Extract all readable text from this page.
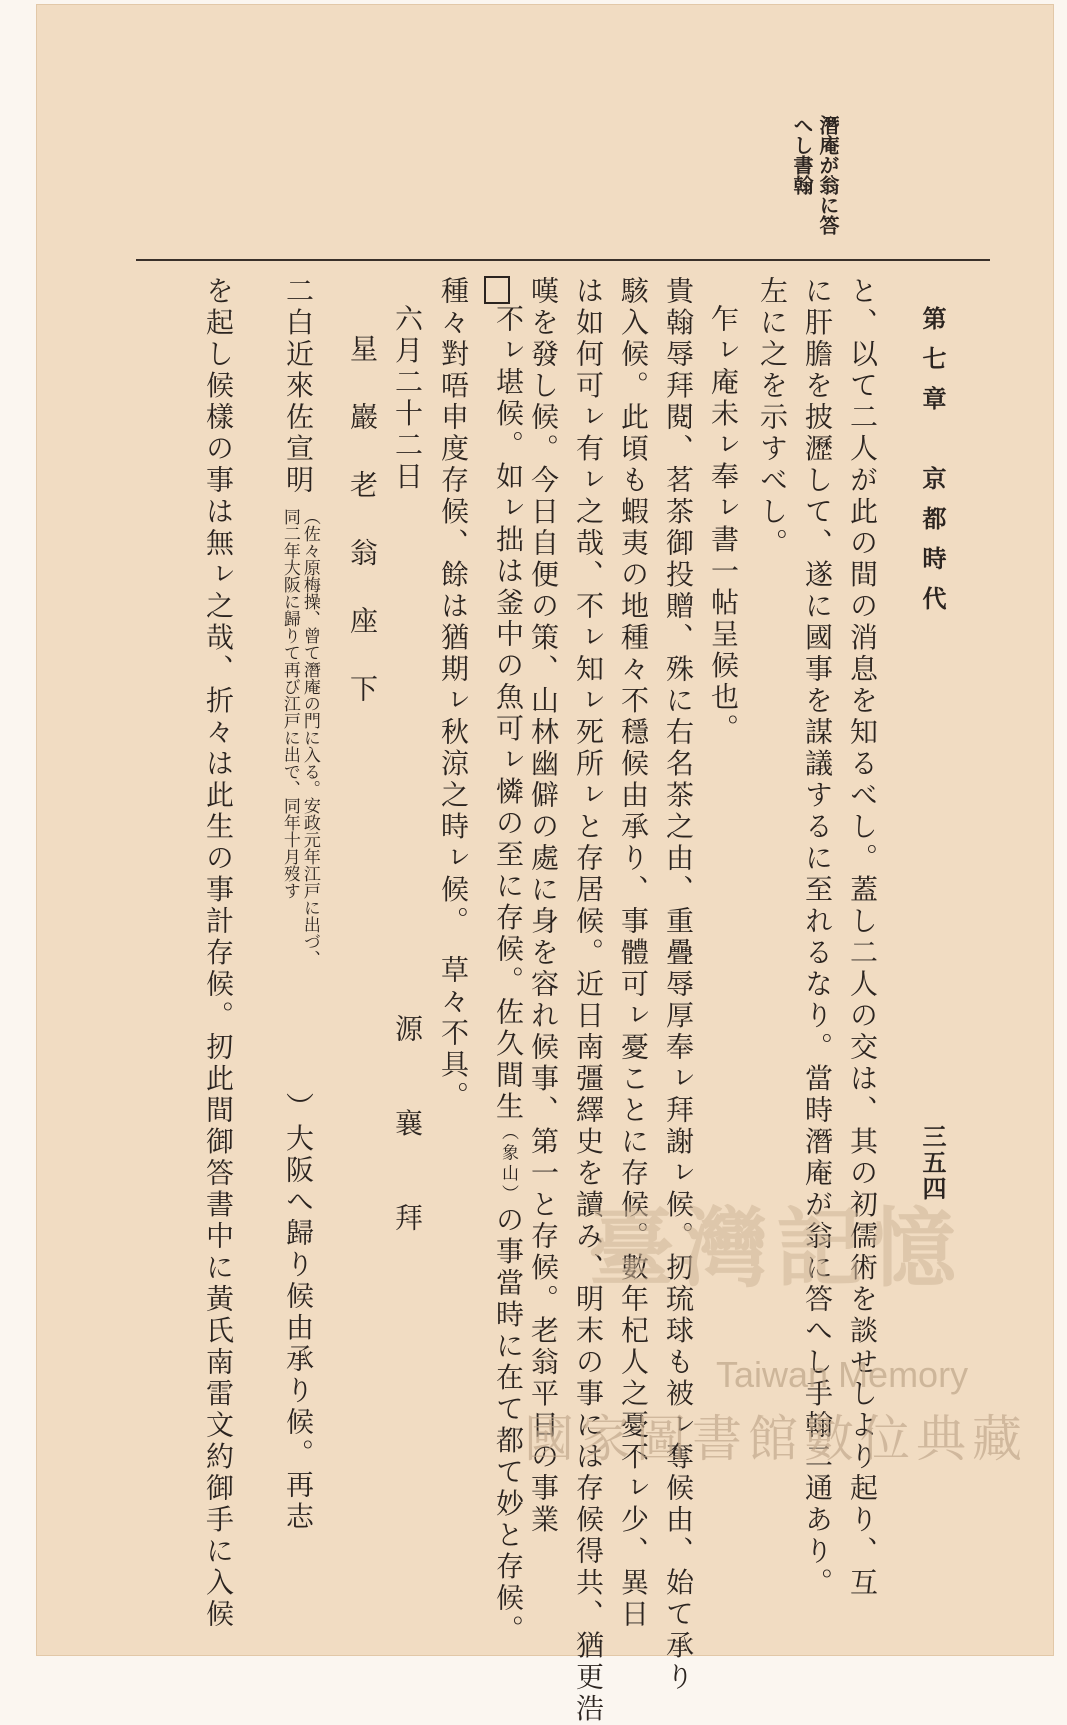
第七章　京都時代
三五四
潛庵が翁に答
へし書翰

と、以て二人が此の間の消息を知るべし。蓋し二人の交は、其の初儒術を談せしより起り、互
に肝膽を披瀝して、遂に國事を謀議するに至れるなり。當時潛庵が翁に答へし手翰二通あり。
左に之を示すべし。
乍ㇾ庵未ㇾ奉ㇾ書一帖呈候也。
貴翰辱拜閱、茗茶御投贈、殊に右名茶之由、重疊辱厚奉ㇾ拜謝ㇾ候。扨琉球も被ㇾ奪候由、始て承り
駭入候。此頃も蝦夷の地種々不穩候由承り、事體可ㇾ憂ことに存候。數年杞人之憂不ㇾ少、異日
は如何可ㇾ有ㇾ之哉、不ㇾ知ㇾ死所ㇾと存居候。近日南彊繹史を讀み、明末の事には存候得共、猶更浩
嘆を發し候。今日自便の策、山林幽僻の處に身を容れ候事、第一と存候。老翁平日の事業
不ㇾ堪候。如ㇾ拙は釜中の魚可ㇾ憐の至に存候。佐久間生（象山）の事當時に在て都て妙と存候。
種々對唔申度存候、餘は猶期ㇾ秋涼之時ㇾ候。　草々不具。
六月二十二日
源　　襄　　拜
星　巖　老　翁　座　下
二白近來佐宣明
（佐々原梅操、曾て潛庵の門に入る。安政元年江戸に出づ、
同二年大阪に歸りて再び江戸に出で、同年十月歿す
）大阪へ歸り候由承り候。再志
を起し候樣の事は無ㇾ之哉、折々は此生の事計存候。扨此間御答書中に黃氏南雷文約御手に入候	臺灣記憶
Taiwan Memory
國家圖書館數位典藏
